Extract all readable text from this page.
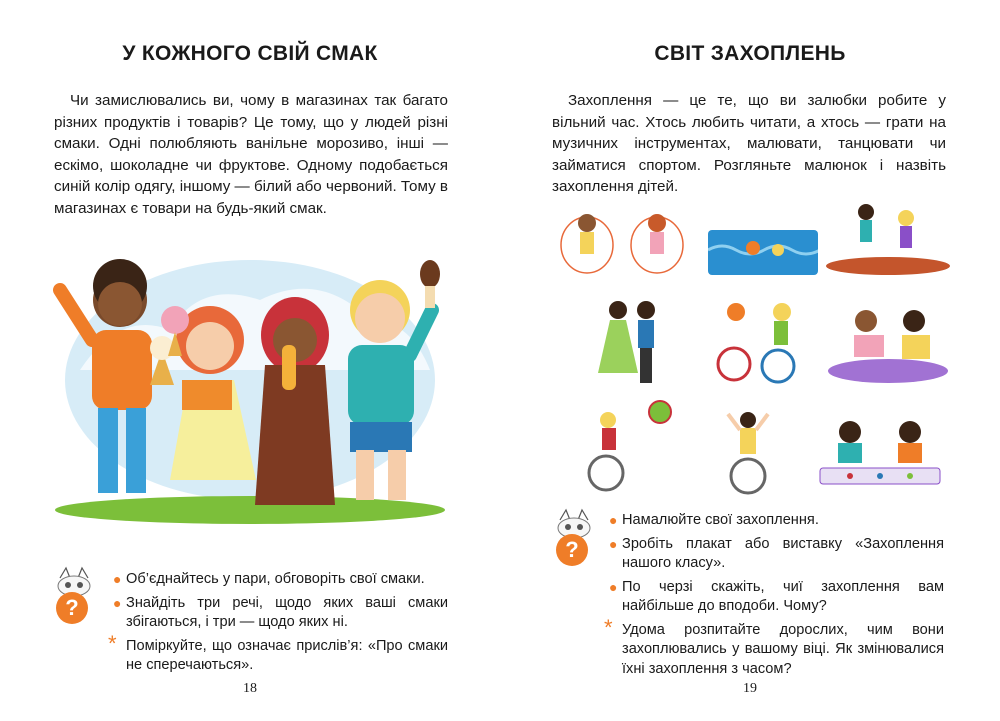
У КОЖНОГО СВІЙ СМАК

Чи замислювались ви, чому в магазинах так багато різних продуктів і товарів? Це тому, що у людей різні смаки. Одні полюбляють ванільне морозиво, інші — ескімо, шоколадне чи фруктове. Одному подобається синій колір одягу, іншому — білий або червоний. Тому в магазинах є товари на будь-який смак.

?
● Об’єднайтесь у пари, обговоріть свої смаки.
● Знайдіть три речі, щодо яких ваші смаки збігаються, і три — щодо яких ні.
* Поміркуйте, що означає прислів’я: «Про смаки не сперечаються».
18
СВІТ ЗАХОПЛЕНЬ

Захоплення — це те, що ви залюбки робите у вільний час. Хтось любить читати, а хтось — грати на музичних інструментах, малювати, танцювати чи займатися спортом. Розгляньте малюнок і назвіть захоплення дітей.

?
● Намалюйте свої захоплення.
● Зробіть плакат або виставку «Захоплення нашого класу».
● По черзі скажіть, чиї захоплення вам найбільше до вподоби. Чому?
* Удома розпитайте дорослих, чим вони захоплювались у вашому віці. Як змінювалися їхні захоплення з часом?
19
